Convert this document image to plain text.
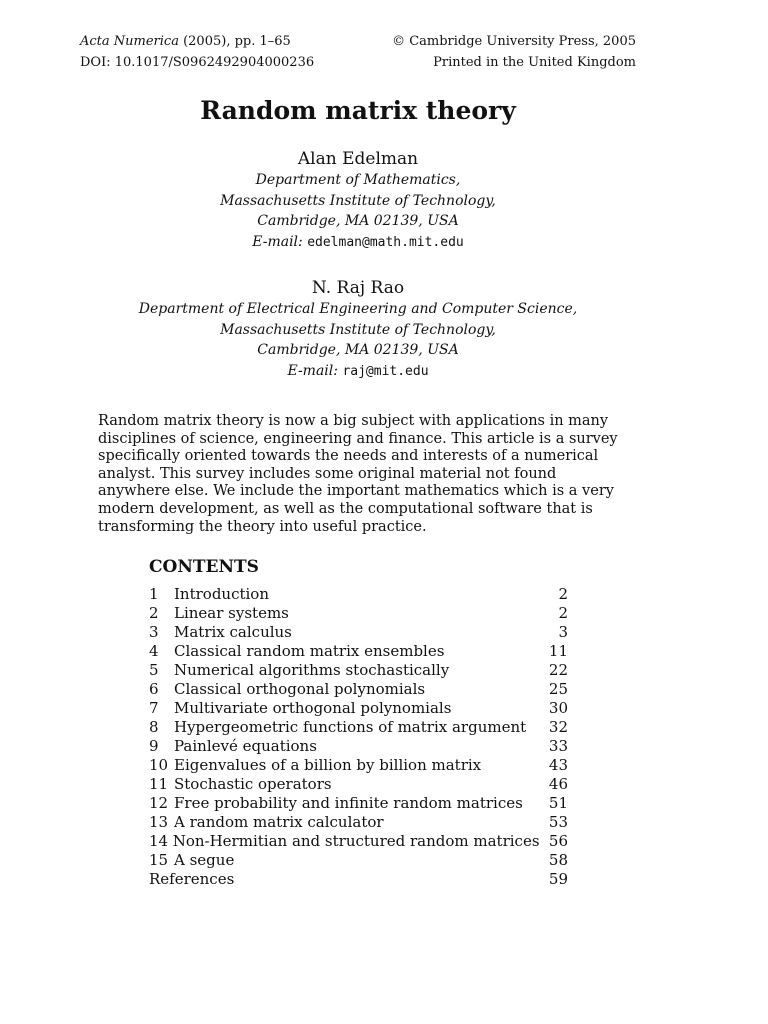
Acta Numerica (2005), pp. 1–65	© Cambridge University Press, 2005
DOI: 10.1017/S0962492904000236	Printed in the United Kingdom
Random matrix theory
Alan Edelman
Department of Mathematics,
Massachusetts Institute of Technology,
Cambridge, MA 02139, USA
E-mail: edelman@math.mit.edu
N. Raj Rao
Department of Electrical Engineering and Computer Science,
Massachusetts Institute of Technology,
Cambridge, MA 02139, USA
E-mail: raj@mit.edu

Random matrix theory is now a big subject with applications in many disciplines of science, engineering and finance. This article is a survey specifically oriented towards the needs and interests of a numerical analyst. This survey includes some original material not found anywhere else. We include the important mathematics which is a very modern development, as well as the computational software that is transforming the theory into useful practice.

CONTENTS
1	Introduction	2
2	Linear systems	2
3	Matrix calculus	3
4	Classical random matrix ensembles	11
5	Numerical algorithms stochastically	22
6	Classical orthogonal polynomials	25
7	Multivariate orthogonal polynomials	30
8	Hypergeometric functions of matrix argument	32
9	Painlevé equations	33
10 Eigenvalues of a billion by billion matrix	43
11 Stochastic operators	46
12 Free probability and infinite random matrices	51
13 A random matrix calculator	53
14 Non-Hermitian and structured random matrices 56
15 A segue	58
References	59
